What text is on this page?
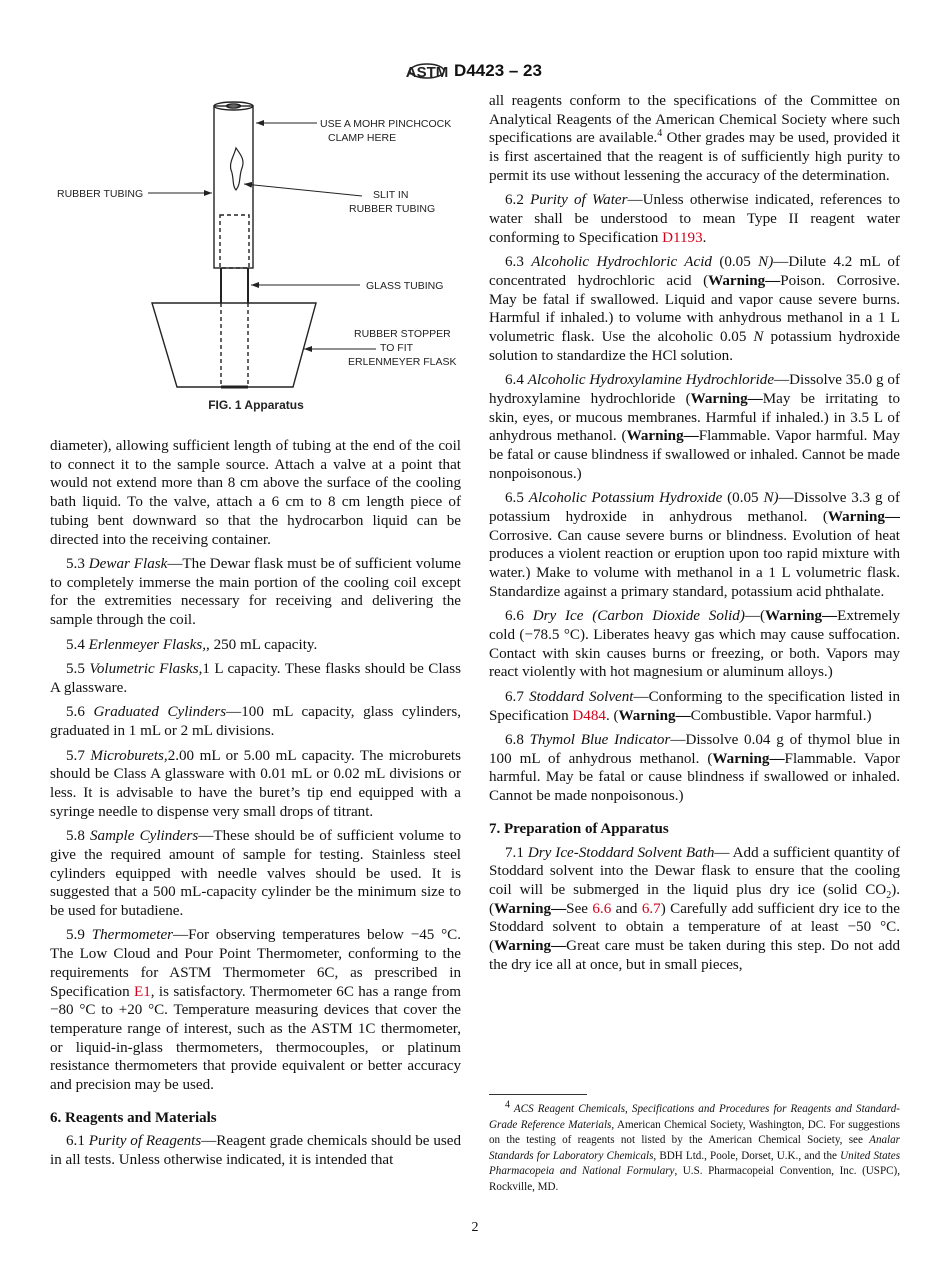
ASTM D4423 – 23
USE A MOHR PINCHCOCK
CLAMP HERE
RUBBER TUBING	SLIT IN
RUBBER TUBING
GLASS TUBING
RUBBER STOPPER
TO FIT
ERLENMEYER FLASK
FIG. 1 Apparatus

diameter), allowing sufficient length of tubing at the end of the coil to connect it to the sample source. Attach a valve at a point that would not extend more than 8 cm above the surface of the cooling bath liquid. To the valve, attach a 6 cm to 8 cm length piece of tubing bent downward so that the hydrocarbon liquid can be directed into the receiving container.

5.3 Dewar Flask—The Dewar flask must be of sufficient volume to completely immerse the main portion of the cooling coil except for the extremities necessary for receiving and delivering the sample through the coil.

5.4 Erlenmeyer Flasks,, 250 mL capacity.

5.5 Volumetric Flasks,1 L capacity. These flasks should be Class A glassware.

5.6 Graduated Cylinders—100 mL capacity, glass cylinders, graduated in 1 mL or 2 mL divisions.

5.7 Microburets,2.00 mL or 5.00 mL capacity. The microburets should be Class A glassware with 0.01 mL or 0.02 mL divisions or less. It is advisable to have the buret’s tip end equipped with a syringe needle to dispense very small drops of titrant.

5.8 Sample Cylinders—These should be of sufficient volume to give the required amount of sample for testing. Stainless steel cylinders equipped with needle valves should be used. It is suggested that a 500 mL-capacity cylinder be the minimum size to be used for butadiene.

5.9 Thermometer—For observing temperatures below −45 °C. The Low Cloud and Pour Point Thermometer, conforming to the requirements for ASTM Thermometer 6C, as prescribed in Specification E1, is satisfactory. Thermometer 6C has a range from −80 °C to +20 °C. Temperature measuring devices that cover the temperature range of interest, such as the ASTM 1C thermometer, or liquid-in-glass thermometers, thermocouples, or platinum resistance thermometers that provide equivalent or better accuracy and precision may be used.

6. Reagents and Materials

6.1 Purity of Reagents—Reagent grade chemicals should be used in all tests. Unless otherwise indicated, it is intended that

all reagents conform to the specifications of the Committee on Analytical Reagents of the American Chemical Society where such specifications are available.$^4$ Other grades may be used, provided it is first ascertained that the reagent is of sufficiently high purity to permit its use without lessening the accuracy of the determination.

6.2 Purity of Water—Unless otherwise indicated, references to water shall be understood to mean Type II reagent water conforming to Specification D1193.

6.3 Alcoholic Hydrochloric Acid (0.05 N)—Dilute 4.2 mL of concentrated hydrochloric acid (Warning—Poison. Corrosive. May be fatal if swallowed. Liquid and vapor cause severe burns. Harmful if inhaled.) to volume with anhydrous methanol in a 1 L volumetric flask. Use the alcoholic 0.05 N potassium hydroxide solution to standardize the HCl solution.

6.4 Alcoholic Hydroxylamine Hydrochloride—Dissolve 35.0 g of hydroxylamine hydrochloride (Warning—May be irritating to skin, eyes, or mucous membranes. Harmful if inhaled.) in 3.5 L of anhydrous methanol. (Warning—Flammable. Vapor harmful. May be fatal or cause blindness if swallowed or inhaled. Cannot be made nonpoisonous.)

6.5 Alcoholic Potassium Hydroxide (0.05 N)—Dissolve 3.3 g of potassium hydroxide in anhydrous methanol. (Warning—Corrosive. Can cause severe burns or blindness. Evolution of heat produces a violent reaction or eruption upon too rapid mixture with water.) Make to volume with methanol in a 1 L volumetric flask. Standardize against a primary standard, potassium acid phthalate.

6.6 Dry Ice (Carbon Dioxide Solid)—(Warning—Extremely cold (−78.5 °C). Liberates heavy gas which may cause suffocation. Contact with skin causes burns or freezing, or both. Vapors may react violently with hot magnesium or aluminum alloys.)

6.7 Stoddard Solvent—Conforming to the specification listed in Specification D484. (Warning—Combustible. Vapor harmful.)

6.8 Thymol Blue Indicator—Dissolve 0.04 g of thymol blue in 100 mL of anhydrous methanol. (Warning—Flammable. Vapor harmful. May be fatal or cause blindness if swallowed or inhaled. Cannot be made nonpoisonous.)

7. Preparation of Apparatus

7.1 Dry Ice-Stoddard Solvent Bath— Add a sufficient quantity of Stoddard solvent into the Dewar flask to ensure that the cooling coil will be submerged in the liquid plus dry ice (solid $CO_2$). (Warning—See 6.6 and 6.7) Carefully add sufficient dry ice to the Stoddard solvent to obtain a temperature of at least −50 °C. (Warning—Great care must be taken during this step. Do not add the dry ice all at once, but in small pieces,

$^4$ ACS Reagent Chemicals, Specifications and Procedures for Reagents and Standard-Grade Reference Materials, American Chemical Society, Washington, DC. For suggestions on the testing of reagents not listed by the American Chemical Society, see Analar Standards for Laboratory Chemicals, BDH Ltd., Poole, Dorset, U.K., and the United States Pharmacopeia and National Formulary, U.S. Pharmacopeial Convention, Inc. (USPC), Rockville, MD.

2
